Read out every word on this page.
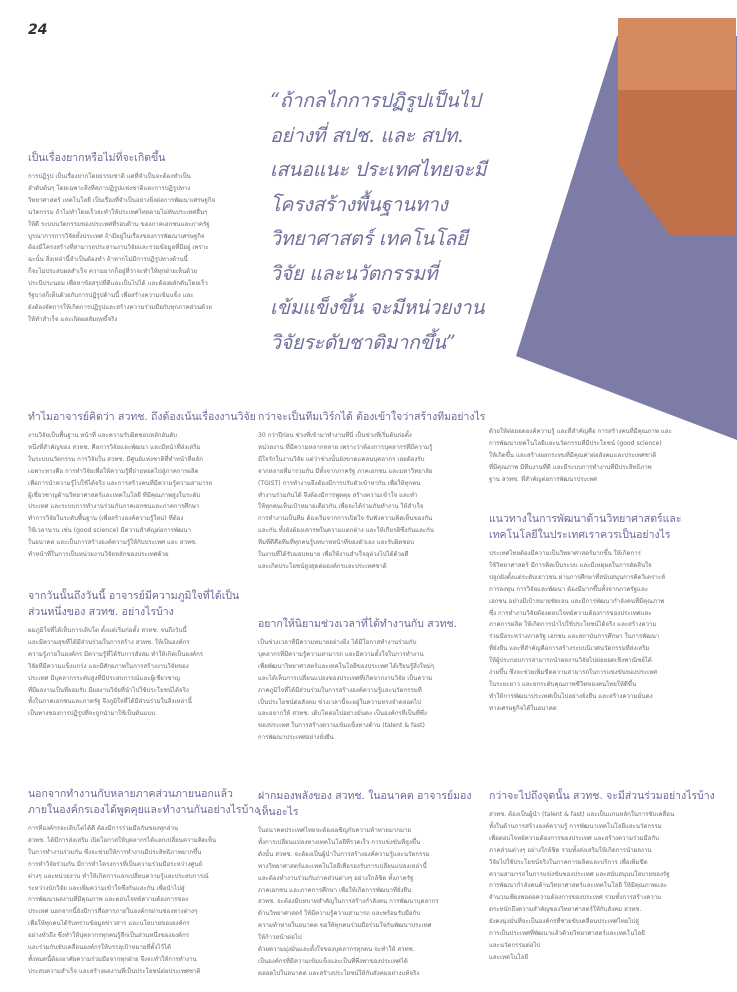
24
“ถ้ากลไกการปฏิรูปเป็นไป
อย่างที่ สปช. และ สปท.
เสนอแนะ ประเทศไทยจะมี
โครงสร้างพื้นฐานทาง
วิทยาศาสตร์ เทคโนโลยี
วิจัย และนวัตกรรมที่
เข้มแข็งขึ้น จะมีหน่วยงาน
วิจัยระดับชาติมากขึ้น”
เป็นเรื่องยากหรือไม่ที่จะเกิดขึ้น
การปฏิรูป เป็นเรื่องยากโดยธรรมชาติ แต่ที่จำเป็นจะต้องทำเป็น
ลำดับต้นๆ โดยเฉพาะสิ่งที่สภาปฏิรูปแห่งชาติและการปฏิรูปทาง
วิทยาศาสตร์ เทคโนโลยี เป็นเรื่องที่จำเป็นอย่างยิ่งต่อการพัฒนาเศรษฐกิจ
นวัตกรรม ถ้าไม่ทำโดยเร็วจะทำให้ประเทศไทยตามไม่ทันประเทศอื่นๆ
ให้ดี ระบบนวัตกรรมของประเทศที่รอบด้าน ของภาคเอกชนและภาครัฐ
บูรณาการการวิจัยทั้งประเทศ ถ้ามีอยู่ในเรื่องของการพัฒนาเศรษฐกิจ
ต้องมีโครงสร้างที่สามารถประสานงานวิจัยและรวมข้อมูลที่มีอยู่ เพราะ
ฉะนั้น สิ่งเหล่านี้จำเป็นต้องทำ ถ้าหากไม่มีการปฏิรูปทางด้านนี้
ก็จะไม่ประสบผลสำเร็จ ความยากก็อยู่ที่ว่าจะทำให้ทุกฝ่ายเห็นด้วย
ประนีประนอม เพื่อหาข้อสรุปที่ดีและเป็นไปได้ และต้องผลักดันโดยเร็ว
รัฐบาลก็เห็นด้วยกับการปฏิรูปด้านนี้ เพื่อสร้างความเข้มแข็ง และ
ยังต้องจัดการให้เกิดการปฏิรูปและสร้างความร่วมมือกับทุกภาคส่วนด้วย
ให้ทำสำเร็จ และเกิดผลสัมฤทธิ์จริง
ทำไมอาจารย์คิดว่า สวทช. ถึงต้องเน้นเรื่องงานวิจัย
งานวิจัยเป็นพื้นฐาน หน้าที่ และความรับผิดชอบหลักอันดับ
หนึ่งที่สำคัญของ สวทช. คือการวิจัยและพัฒนา และมีหน้าที่ส่งเสริม
ในระบบนวัตกรรม การวิจัยใน สวทช. มีศูนย์แห่งชาติที่ทำหน้าที่หลัก
เฉพาะทางคือ การทำวิจัยเพื่อให้ความรู้ที่ถ่ายทอดไปสู่ภาคการผลิต
เพื่อการนำความรู้ไปใช้ได้จริง และการสร้างคนที่มีความรู้ความสามารถ
ผู้เชี่ยวชาญด้านวิทยาศาสตร์และเทคโนโลยี ที่มีคุณภาพสูงในระดับ
ประเทศ และระบบการทำงานร่วมกับภาคเอกชนและภาคการศึกษา
ทำการวิจัยในระดับพื้นฐาน (เพื่อสร้างองค์ความรู้ใหม่) ที่ต้อง
ใช้เวลานาน เช่น (good science) มีความสำคัญต่อการพัฒนา
ในอนาคต และเป็นการสร้างองค์ความรู้ให้กับประเทศ และ สวทช.
ทำหน้าที่ในการเป็นหน่วยงานวิจัยหลักของประเทศด้วย
จากวันนั้นถึงวันนี้ อาจารย์มีความภูมิใจที่ได้เป็น
ส่วนหนึ่งของ สวทช. อย่างไรบ้าง
ผมภูมิใจที่ได้เห็นการเติบโต ตั้งแต่เริ่มก่อตั้ง สวทช. จนถึงวันนี้
และมีความสุขที่ได้มีส่วนร่วมในการสร้าง สวทช. ให้เป็นองค์กร
ความรู้ภายในองค์กร มีความรู้ที่ได้รับการสั่งสม ทำให้เกิดเป็นองค์กร
วิจัยที่มีความแข็งแกร่ง และมีศักยภาพในการสร้างงานวิจัยของ
ประเทศ มีบุคลากรระดับสูงที่มีประสบการณ์และผู้เชี่ยวชาญ
ที่มีผลงานเป็นที่ยอมรับ มีผลงานวิจัยที่นำไปใช้ประโยชน์ได้จริง
ทั้งในภาคเอกชนและภาครัฐ จึงภูมิใจที่ได้มีส่วนร่วมในสิ่งเหล่านี้
เป็นทางชองการปฏิรูปที่จะถูกนำมาใช้เป็นต้นแบบ
นอกจากทำงานกับหลายภาคส่วนภายนอกแล้ว
ภายในองค์กรเองได้พูดคุยและทำงานกันอย่างไรบ้าง
การที่องค์กรจะเติบโตได้ดี ต้องมีการร่วมมือกันของทุกส่วน
สวทช. ได้มีการส่งเสริม เปิดโอกาสให้บุคลากรได้แลกเปลี่ยนความคิดเห็น
ในการทำงานร่วมกัน ซึ่งจะช่วยให้การทำงานมีประสิทธิภาพมากขึ้น
การทำวิจัยร่วมกัน มีการทำโครงการที่เป็นความร่วมมือระหว่างศูนย์
ต่างๆ และหน่วยงาน ทำให้เกิดการแลกเปลี่ยนความรู้และประสบการณ์
ระหว่างนักวิจัย และเพิ่มความเข้าใจซึ่งกันและกัน เพื่อนำไปสู่
การพัฒนาผลงานที่มีคุณภาพ และตอบโจทย์ความต้องการของ
ประเทศ นอกจากนี้ยังมีการสื่อสารภายในองค์กรผ่านช่องทางต่างๆ
เพื่อให้ทุกคนได้รับทราบข้อมูลข่าวสาร และนโยบายขององค์กร
อย่างทั่วถึง ซึ่งทำให้บุคลากรทุกคนรู้สึกเป็นส่วนหนึ่งขององค์กร
และร่วมกันขับเคลื่อนองค์กรให้บรรลุเป้าหมายที่ตั้งไว้ได้
ทั้งหมดนี้ต้องอาศัยความร่วมมือจากทุกฝ่าย จึงจะทำให้การทำงาน
ประสบความสำเร็จ และสร้างผลงานที่เป็นประโยชน์ต่อประเทศชาติ
กว่าจะเป็นทีมเวิร์กได้ ต้องเข้าใจว่าสร้างทีมอย่างไร
30 กว่าปีก่อน ช่วงที่เข้ามาทำงานที่นี่ เป็นช่วงที่เริ่มต้นก่อตั้ง
หน่วยงาน ที่มีความหลากหลาย เพราะว่าต้องการบุคลากรที่มีความรู้
มีใจรักในงานวิจัย แต่ว่าช่วงนั้นยังขาดแคลนบุคลากร เลยต้องรับ
จากหลายที่มารวมกัน มีทั้งจากภาครัฐ ภาคเอกชน และมหาวิทยาลัย
(TGIST) การทำงานจึงต้องมีการปรับตัวเข้าหากัน เพื่อให้ทุกคน
ทำงานร่วมกันได้ จึงต้องมีการพูดคุย สร้างความเข้าใจ และทำ
ให้ทุกคนเห็นเป้าหมายเดียวกัน เพื่อจะได้ร่วมกันทำงาน ให้สำเร็จ
การทำงานเป็นทีม ต้องเริ่มจากการเปิดใจ รับฟังความคิดเห็นของกัน
และกัน ทั้งยังต้องเคารพในความแตกต่าง และให้เกียรติซึ่งกันและกัน
ทีมที่ดีคือทีมที่ทุกคนรู้บทบาทหน้าที่ของตัวเอง และรับผิดชอบ
ในงานที่ได้รับมอบหมาย เพื่อให้งานสำเร็จลุล่วงไปได้ด้วยดี
และเกิดประโยชน์สูงสุดต่อองค์กรและประเทศชาติ
อยากให้นิยามช่วงเวลาที่ได้ทำงานกับ สวทช.
เป็นช่วงเวลาที่มีความหมายอย่างยิ่ง ได้มีโอกาสทำงานร่วมกับ
บุคลากรที่มีความรู้ความสามารถ และมีความตั้งใจในการทำงาน
เพื่อพัฒนาวิทยาศาสตร์และเทคโนโลยีของประเทศ ได้เรียนรู้สิ่งใหม่ๆ
และได้เห็นการเปลี่ยนแปลงของประเทศที่เกิดจากงานวิจัย เป็นความ
ภาคภูมิใจที่ได้มีส่วนร่วมในการสร้างองค์ความรู้และนวัตกรรมที่
เป็นประโยชน์ต่อสังคม ช่วงเวลานี้จะอยู่ในความทรงจำตลอดไป
และอยากให้ สวทช. เติบโตต่อไปอย่างมั่นคง เป็นองค์กรที่เป็นที่พึ่ง
ของประเทศ ในการสร้างความเข้มแข็งทางด้าน (talent & fast)
การพัฒนาประเทศอย่างยั่งยืน
ฝากมองพลังของ สวทช. ในอนาคต อาจารย์มอง
เห็นอะไร
ในอนาคตประเทศไทยจะต้องเผชิญกับความท้าทายมากมาย
ทั้งการเปลี่ยนแปลงทางเทคโนโลยีที่รวดเร็ว การแข่งขันที่สูงขึ้น
ดังนั้น สวทช. จะต้องเป็นผู้นำในการสร้างองค์ความรู้และนวัตกรรม
ทางวิทยาศาสตร์และเทคโนโลยีเพื่อรองรับการเปลี่ยนแปลงเหล่านี้
และต้องทำงานร่วมกับภาคส่วนต่างๆ อย่างใกล้ชิด ทั้งภาครัฐ
ภาคเอกชน และภาคการศึกษา เพื่อให้เกิดการพัฒนาที่ยั่งยืน
สวทช. จะต้องมีบทบาทสำคัญในการสร้างกำลังคน การพัฒนาบุคลากร
ด้านวิทยาศาสตร์ ให้มีความรู้ความสามารถ และพร้อมรับมือกับ
ความท้าทายในอนาคต ขอให้ทุกคนร่วมมือร่วมใจกันพัฒนาประเทศ
ให้ก้าวหน้าต่อไป
ด้วยความมุ่งมั่นและตั้งใจของบุคลากรทุกคน จะทำให้ สวทช.
เป็นองค์กรที่มีความเข้มแข็งและเป็นที่พึ่งพาของประเทศได้
ตลอดไปในอนาคต และสร้างประโยชน์ให้กับสังคมอย่างแท้จริง
ด้วยให้ต่อยอดองค์ความรู้ และที่สำคัญคือ การสร้างคนที่มีคุณภาพ และ
การพัฒนาเทคโนโลยีและนวัตกรรมที่มีประโยชน์ (good science)
ให้เกิดขึ้น และสร้างผลกระทบที่มีคุณค่าต่อสังคมและประเทศชาติ
ที่มีคุณภาพ มีทีมงานที่ดี และมีระบบการทำงานที่มีประสิทธิภาพ
ฐาน สวทช. ที่สำคัญต่อการพัฒนาประเทศ
แนวทางในการพัฒนาด้านวิทยาศาสตร์และ
เทคโนโลยีในประเทศเราควรเป็นอย่างไร
ประเทศไทยต้องมีความเป็นวิทยาศาสตร์มากขึ้น ให้เกิดการ
ใช้วิทยาศาสตร์ มีการคิดเป็นระบบ และมีเหตุผลในการตัดสินใจ
ปลูกฝังตั้งแต่ระดับเยาวชน ผ่านการศึกษาที่สนับสนุนการคิดวิเคราะห์
การลงทุน การวิจัยและพัฒนา ต้องมีมากขึ้นทั้งจากภาครัฐและ
เอกชน อย่างมีเป้าหมายชัดเจน และมีการพัฒนากำลังคนที่มีคุณภาพ
ซึ่ง การทำงานวิจัยต้องตอบโจทย์ความต้องการของประเทศและ
ภาคการผลิต ให้เกิดการนำไปใช้ประโยชน์ได้จริง และสร้างความ
ร่วมมือระหว่างภาครัฐ เอกชน และสถาบันการศึกษา ในการพัฒนา
ที่ยั่งยืน และที่สำคัญคือการสร้างระบบนิเวศนวัตกรรมที่ส่งเสริม
ให้ผู้ประกอบการสามารถนำผลงานวิจัยไปต่อยอดเชิงพาณิชย์ได้
ง่ายขึ้น ซึ่งจะช่วยเพิ่มขีดความสามารถในการแข่งขันของประเทศ
ในระยะยาว และยกระดับคุณภาพชีวิตของคนไทยให้ดีขึ้น
ทำให้การพัฒนาประเทศเป็นไปอย่างยั่งยืน และสร้างความมั่นคง
ทางเศรษฐกิจได้ในอนาคต
กว่าจะไปถึงจุดนั้น สวทช. จะมีส่วนร่วมอย่างไรบ้าง
สวทช. ต้องเป็นผู้นำ (talent & fast) และเป็นแกนหลักในการขับเคลื่อน
ทั้งในด้านการสร้างองค์ความรู้ การพัฒนาเทคโนโลยีและนวัตกรรม
เพื่อตอบโจทย์ความต้องการของประเทศ และสร้างความร่วมมือกับ
ภาคส่วนต่างๆ อย่างใกล้ชิด รวมทั้งส่งเสริมให้เกิดการนำผลงาน
วิจัยไปใช้ประโยชน์จริงในภาคการผลิตและบริการ เพื่อเพิ่มขีด
ความสามารถในการแข่งขันของประเทศ และสนับสนุนนโยบายของรัฐ
การพัฒนากำลังคนด้านวิทยาศาสตร์และเทคโนโลยี ให้มีคุณภาพและ
จำนวนเพียงพอต่อความต้องการของประเทศ รวมทั้งการสร้างความ
ตระหนักถึงความสำคัญของวิทยาศาสตร์ให้กับสังคม สวทช.
ยังคงมุ่งมั่นที่จะเป็นองค์กรที่ช่วยขับเคลื่อนประเทศไทยไปสู่
การเป็นประเทศที่พัฒนาแล้วด้วยวิทยาศาสตร์และเทคโนโลยี
และนวัตกรรมต่อไป
และเทคโนโลยี
